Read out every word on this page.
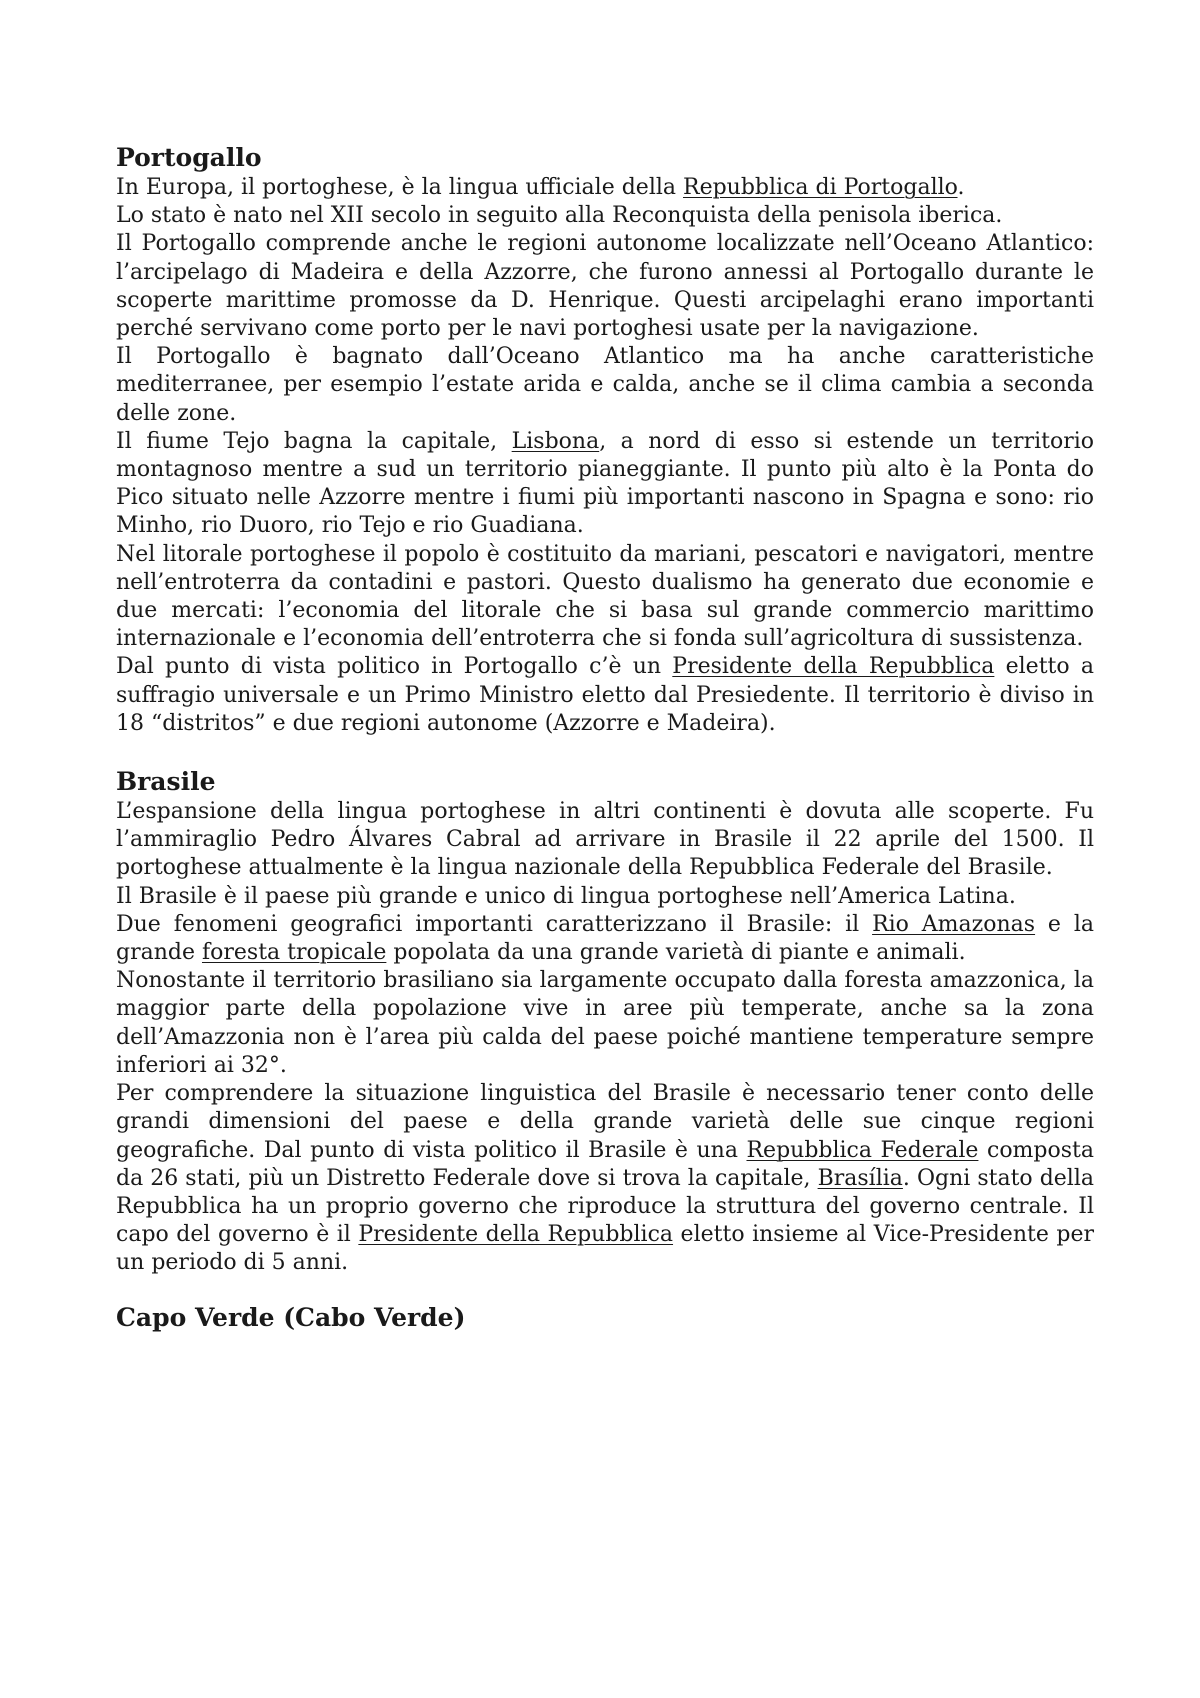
Portogallo

In Europa, il portoghese, è la lingua ufficiale della Repubblica di Portogallo.

Lo stato è nato nel XII secolo in seguito alla Reconquista della penisola iberica.

Il Portogallo comprende anche le regioni autonome localizzate nell’Oceano Atlantico: l’arcipelago di Madeira e della Azzorre, che furono annessi al Portogallo durante le scoperte marittime promosse da D. Henrique. Questi arcipelaghi erano importanti perché servivano come porto per le navi portoghesi usate per la navigazione.

Il Portogallo è bagnato dall’Oceano Atlantico ma ha anche caratteristiche mediterranee, per esempio l’estate arida e calda, anche se il clima cambia a seconda delle zone.

Il fiume Tejo bagna la capitale, Lisbona, a nord di esso si estende un territorio montagnoso mentre a sud un territorio pianeggiante. Il punto più alto è la Ponta do Pico situato nelle Azzorre mentre i fiumi più importanti nascono in Spagna e sono: rio Minho, rio Duoro, rio Tejo e rio Guadiana.

Nel litorale portoghese il popolo è costituito da mariani, pescatori e navigatori, mentre nell’entroterra da contadini e pastori. Questo dualismo ha generato due economie e due mercati: l’economia del litorale che si basa sul grande commercio marittimo internazionale e l’economia dell’entroterra che si fonda sull’agricoltura di sussistenza.

Dal punto di vista politico in Portogallo c’è un Presidente della Repubblica eletto a suffragio universale e un Primo Ministro eletto dal Presiedente. Il territorio è diviso in 18 “distritos” e due regioni autonome (Azzorre e Madeira).

Brasile

L’espansione della lingua portoghese in altri continenti è dovuta alle scoperte. Fu l’ammiraglio Pedro Álvares Cabral ad arrivare in Brasile il 22 aprile del 1500. Il portoghese attualmente è la lingua nazionale della Repubblica Federale del Brasile.

Il Brasile è il paese più grande e unico di lingua portoghese nell’America Latina.

Due fenomeni geografici importanti caratterizzano il Brasile: il Rio Amazonas e la grande foresta tropicale popolata da una grande varietà di piante e animali.

Nonostante il territorio brasiliano sia largamente occupato dalla foresta amazzonica, la maggior parte della popolazione vive in aree più temperate, anche sa la zona dell’Amazzonia non è l’area più calda del paese poiché mantiene temperature sempre inferiori ai 32°.

Per comprendere la situazione linguistica del Brasile è necessario tener conto delle grandi dimensioni del paese e della grande varietà delle sue cinque regioni geografiche. Dal punto di vista politico il Brasile è una Repubblica Federale composta da 26 stati, più un Distretto Federale dove si trova la capitale, Brasília. Ogni stato della Repubblica ha un proprio governo che riproduce la struttura del governo centrale. Il capo del governo è il Presidente della Repubblica eletto insieme al Vice-Presidente per un periodo di 5 anni.

Capo Verde (Cabo Verde)
